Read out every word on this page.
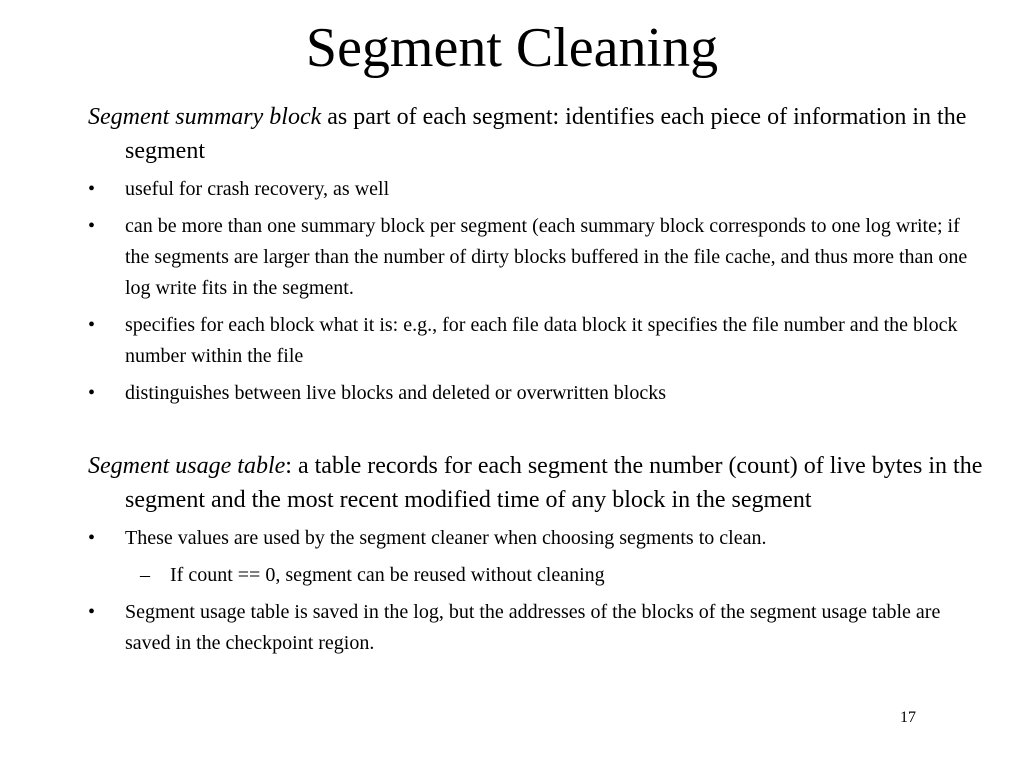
Segment Cleaning

Segment summary block as part of each segment: identifies each piece of information in the segment

• useful for crash recovery, as well

• can be more than one summary block per segment (each summary block corresponds to one log write; if the segments are larger than the number of dirty blocks buffered in the file cache, and thus more than one log write fits in the segment.

• specifies for each block what it is: e.g., for each file data block it specifies the file number and the block number within the file

• distinguishes between live blocks and deleted or overwritten blocks

Segment usage table: a table records for each segment the number (count) of live bytes in the segment and the most recent modified time of any block in the segment

• These values are used by the segment cleaner when choosing segments to clean.

– If count == 0, segment can be reused without cleaning

• Segment usage table is saved in the log, but the addresses of the blocks of the segment usage table are saved in the checkpoint region.

17
